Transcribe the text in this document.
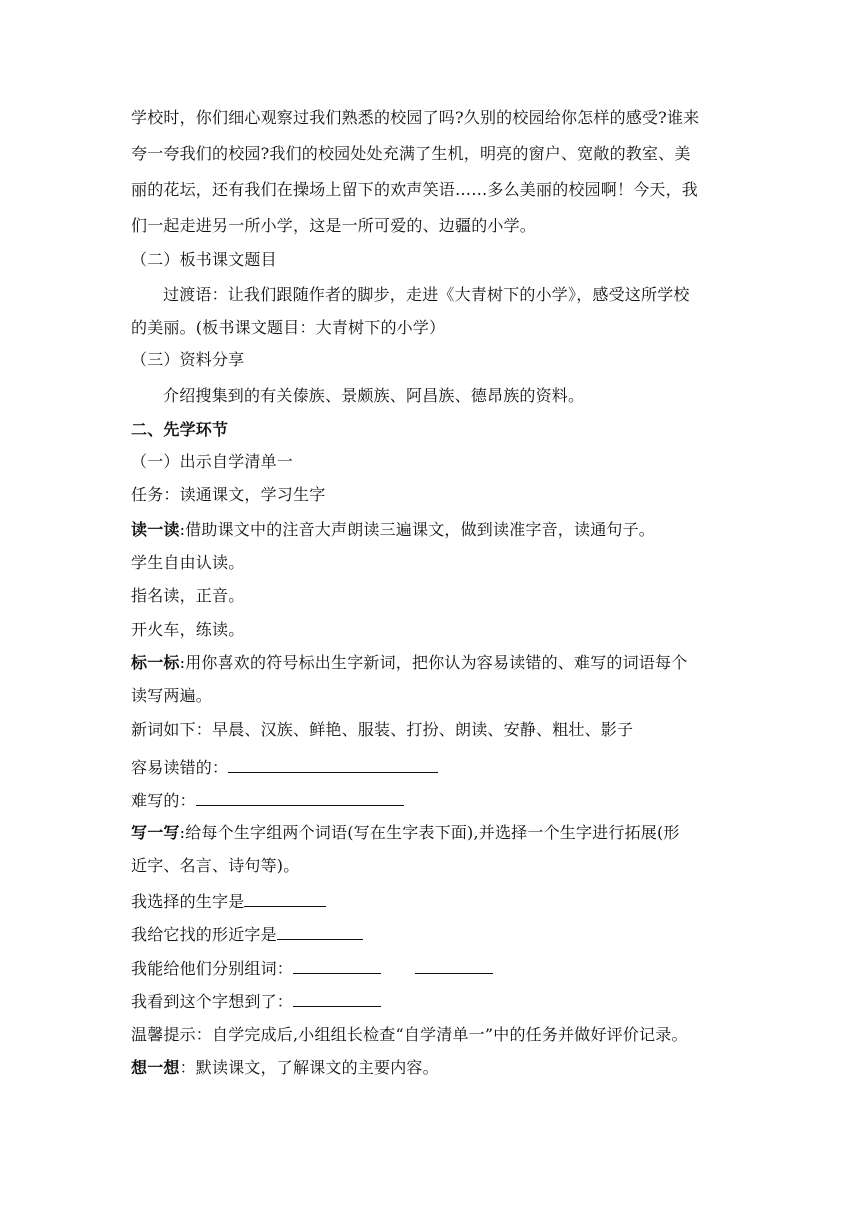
学校时，你们细心观察过我们熟悉的校园了吗?久别的校园给你怎样的感受?谁来
夸一夸我们的校园?我们的校园处处充满了生机，明亮的窗户、宽敞的教室、美
丽的花坛，还有我们在操场上留下的欢声笑语……多么美丽的校园啊！今天，我
们一起走进另一所小学，这是一所可爱的、边疆的小学。
（二）板书课文题目
过渡语：让我们跟随作者的脚步，走进《大青树下的小学》，感受这所学校
的美丽。(板书课文题目：大青树下的小学）
（三）资料分享
介绍搜集到的有关傣族、景颇族、阿昌族、德昂族的资料。
二、先学环节
（一）出示自学清单一
任务：读通课文，学习生字
读一读:借助课文中的注音大声朗读三遍课文，做到读准字音，读通句子。
学生自由认读。
指名读，正音。
开火车，练读。
标一标:用你喜欢的符号标出生字新词，把你认为容易读错的、难写的词语每个
读写两遍。
新词如下：早晨、汉族、鲜艳、服装、打扮、朗读、安静、粗壮、影子
容易读错的：
难写的：
写一写:给每个生字组两个词语(写在生字表下面),并选择一个生字进行拓展(形
近字、名言、诗句等)。
我选择的生字是
我给它找的形近字是
我能给他们分别组词：
我看到这个字想到了：
温馨提示：自学完成后,小组组长检查“自学清单一”中的任务并做好评价记录。
想一想：默读课文，了解课文的主要内容。
